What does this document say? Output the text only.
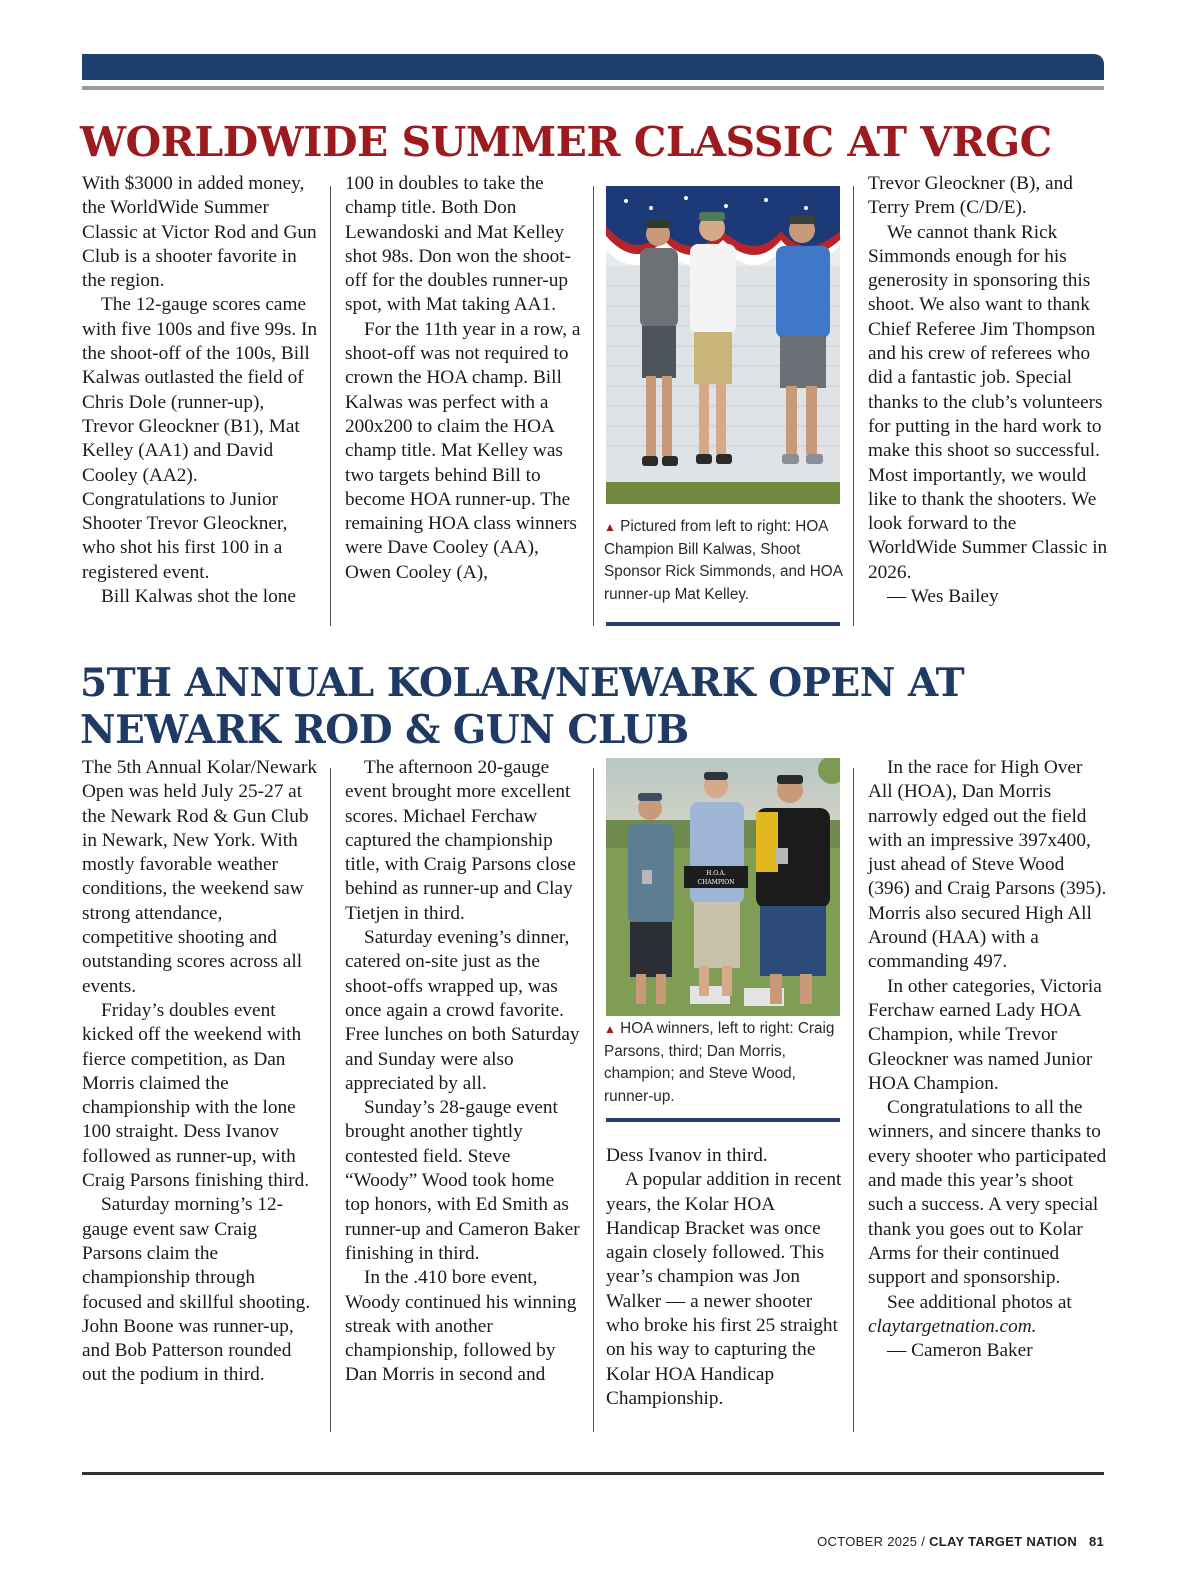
WORLDWIDE SUMMER CLASSIC AT VRGC

With $3000 in added money, the WorldWide Summer Classic at Victor Rod and Gun Club is a shooter favorite in the region.

The 12-gauge scores came with five 100s and five 99s. In the shoot-off of the 100s, Bill Kalwas outlasted the field of Chris Dole (runner-up), Trevor Gleockner (B1), Mat Kelley (AA1) and David Cooley (AA2). Congratulations to Junior Shooter Trevor Gleockner, who shot his first 100 in a registered event.

Bill Kalwas shot the lone

100 in doubles to take the champ title. Both Don Lewandoski and Mat Kelley shot 98s. Don won the shoot-off for the doubles runner-up spot, with Mat taking AA1.

For the 11th year in a row, a shoot-off was not required to crown the HOA champ. Bill Kalwas was perfect with a 200x200 to claim the HOA champ title. Mat Kelley was two targets behind Bill to become HOA runner-up. The remaining HOA class winners were Dave Cooley (AA), Owen Cooley (A),

▲ Pictured from left to right: HOA Champion Bill Kalwas, Shoot Sponsor Rick Simmonds, and HOA runner-up Mat Kelley.

Trevor Gleockner (B), and Terry Prem (C/D/E).

We cannot thank Rick Simmonds enough for his generosity in sponsoring this shoot. We also want to thank Chief Referee Jim Thompson and his crew of referees who did a fantastic job. Special thanks to the club’s volunteers for putting in the hard work to make this shoot so successful. Most importantly, we would like to thank the shooters. We look forward to the WorldWide Summer Classic in 2026.

— Wes Bailey

5TH ANNUAL KOLAR/NEWARK OPEN AT NEWARK ROD & GUN CLUB

The 5th Annual Kolar/Newark Open was held July 25-27 at the Newark Rod & Gun Club in Newark, New York. With mostly favorable weather conditions, the weekend saw strong attendance, competitive shooting and outstanding scores across all events.

Friday’s doubles event kicked off the weekend with fierce competition, as Dan Morris claimed the championship with the lone 100 straight. Dess Ivanov followed as runner-up, with Craig Parsons finishing third.

Saturday morning’s 12-gauge event saw Craig Parsons claim the championship through focused and skillful shooting. John Boone was runner-up, and Bob Patterson rounded out the podium in third.

The afternoon 20-gauge event brought more excellent scores. Michael Ferchaw captured the championship title, with Craig Parsons close behind as runner-up and Clay Tietjen in third.

Saturday evening’s dinner, catered on-site just as the shoot-offs wrapped up, was once again a crowd favorite. Free lunches on both Saturday and Sunday were also appreciated by all.

Sunday’s 28-gauge event brought another tightly contested field. Steve “Woody” Wood took home top honors, with Ed Smith as runner-up and Cameron Baker finishing in third.

In the .410 bore event, Woody continued his winning streak with another championship, followed by Dan Morris in second and

H.O.A.
CHAMPION
▲ HOA winners, left to right: Craig Parsons, third; Dan Morris, champion; and Steve Wood, runner-up.

Dess Ivanov in third.

A popular addition in recent years, the Kolar HOA Handicap Bracket was once again closely followed. This year’s champion was Jon Walker — a newer shooter who broke his first 25 straight on his way to capturing the Kolar HOA Handicap Championship.

In the race for High Over All (HOA), Dan Morris narrowly edged out the field with an impressive 397x400, just ahead of Steve Wood (396) and Craig Parsons (395). Morris also secured High All Around (HAA) with a commanding 497.

In other categories, Victoria Ferchaw earned Lady HOA Champion, while Trevor Gleockner was named Junior HOA Champion.

Congratulations to all the winners, and sincere thanks to every shooter who participated and made this year’s shoot such a success. A very special thank you goes out to Kolar Arms for their continued support and sponsorship.

See additional photos at claytargetnation.com.

— Cameron Baker

OCTOBER 2025 / CLAY TARGET NATION 81
